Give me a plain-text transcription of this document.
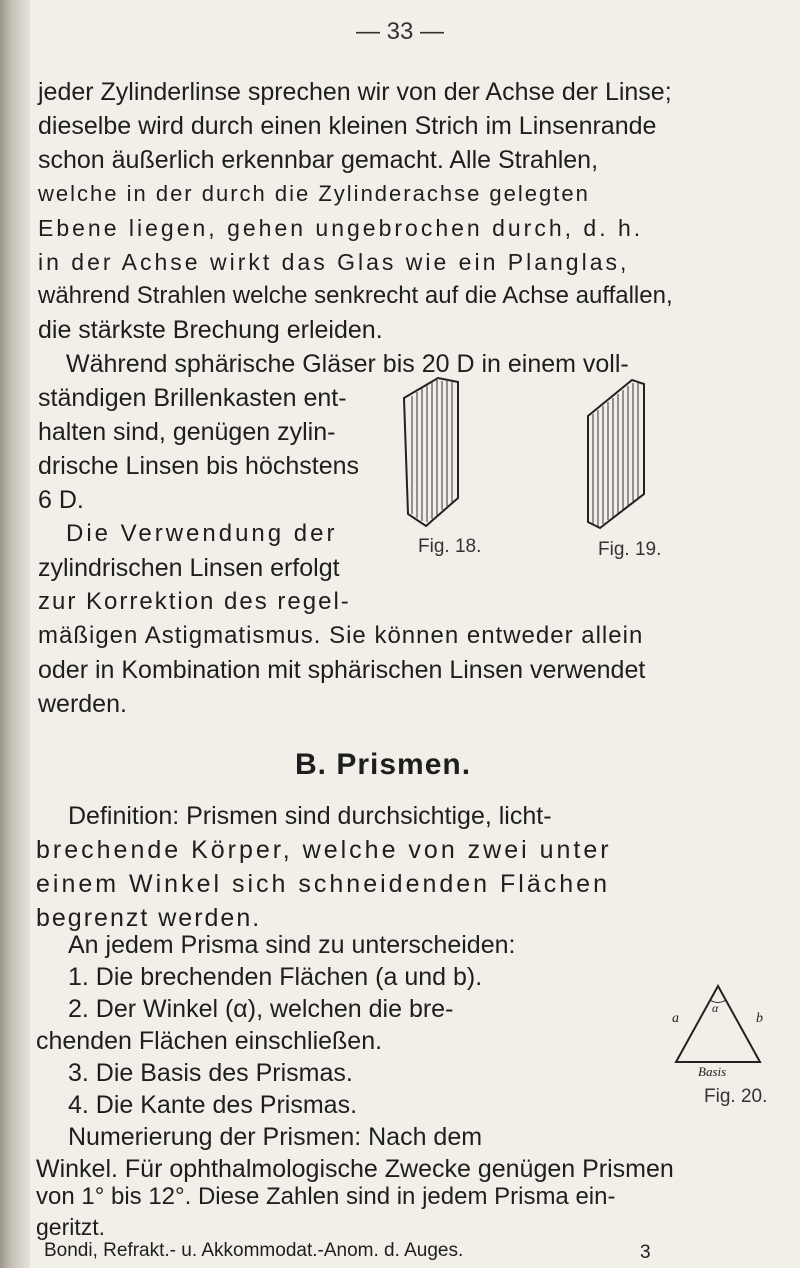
— 33 —
jeder Zylinderlinse sprechen wir von der Achse der Linse;
dieselbe wird durch einen kleinen Strich im Linsenrande
schon äußerlich erkennbar gemacht. Alle Strahlen,
welche in der durch die Zylinderachse gelegten
Ebene liegen, gehen ungebrochen durch, d. h.
in der Achse wirkt das Glas wie ein Planglas,
während Strahlen welche senkrecht auf die Achse auffallen,
die stärkste Brechung erleiden.
Während sphärische Gläser bis 20 D in einem voll-
ständigen Brillenkasten ent-
halten sind, genügen zylin-
drische Linsen bis höchstens
6 D.
Die Verwendung der
zylindrischen Linsen erfolgt
zur Korrektion des regel-
mäßigen Astigmatismus. Sie können entweder allein
oder in Kombination mit sphärischen Linsen verwendet
werden.
Fig. 18.	Fig. 19.
B. Prismen.
Definition: Prismen sind durchsichtige, licht-
brechende Körper, welche von zwei unter
einem Winkel sich schneidenden Flächen
begrenzt werden.
An jedem Prisma sind zu unterscheiden:
1. Die brechenden Flächen (a und b).
2. Der Winkel (α), welchen die bre-
chenden Flächen einschließen.
3. Die Basis des Prismas.
4. Die Kante des Prismas.
Numerierung der Prismen: Nach dem
Winkel. Für ophthalmologische Zwecke genügen Prismen
von 1° bis 12°. Diese Zahlen sind in jedem Prisma ein-
geritzt.
α
a	b
Basis
Fig. 20.
Bondi, Refrakt.- u. Akkommodat.-Anom. d. Auges.	3
